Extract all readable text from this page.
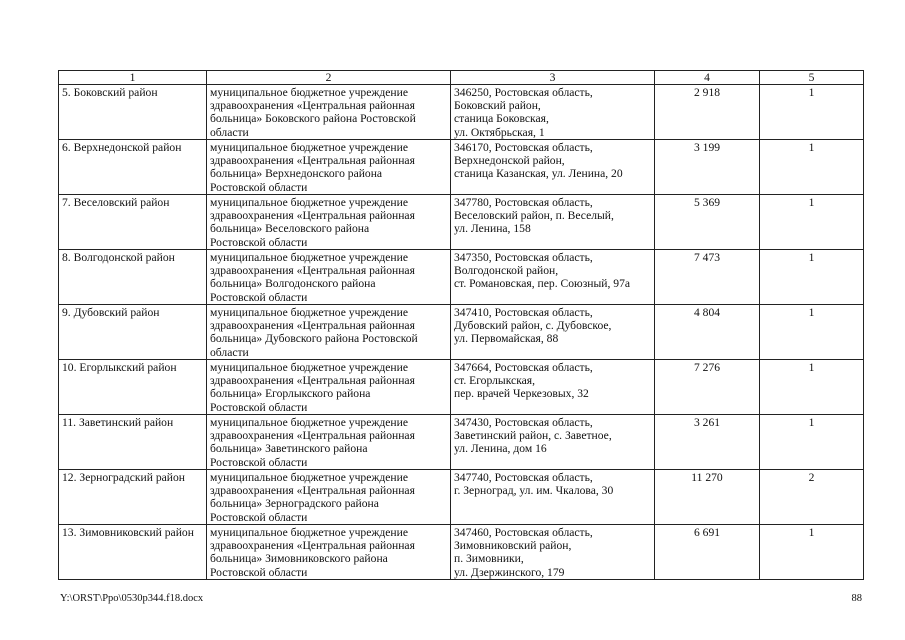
1	2	3	4	5

5. Боковский район	муниципальное бюджетное учреждение
здравоохранения «Центральная районная
больница» Боковского района Ростовской
области	346250, Ростовская область,
Боковский район,
станица Боковская,
ул. Октябрьская, 1	2 918	1

6. Верхнедонской район	муниципальное бюджетное учреждение
здравоохранения «Центральная районная
больница» Верхнедонского района
Ростовской области	346170, Ростовская область,
Верхнедонской район,
станица Казанская, ул. Ленина, 20	3 199	1

7. Веселовский район	муниципальное бюджетное учреждение
здравоохранения «Центральная районная
больница» Веселовского района
Ростовской области	347780, Ростовская область,
Веселовский район, п. Веселый,
ул. Ленина, 158	5 369	1

8. Волгодонской район	муниципальное бюджетное учреждение
здравоохранения «Центральная районная
больница» Волгодонского района
Ростовской области	347350, Ростовская область,
Волгодонской район,
ст. Романовская, пер. Союзный, 97а	7 473	1

9. Дубовский район	муниципальное бюджетное учреждение
здравоохранения «Центральная районная
больница» Дубовского района Ростовской
области	347410, Ростовская область,
Дубовский район, с. Дубовское,
ул. Первомайская, 88	4 804	1

10. Егорлыкский район	муниципальное бюджетное учреждение
здравоохранения «Центральная районная
больница» Егорлыкского района
Ростовской области	347664, Ростовская область,
ст. Егорлыкская,
пер. врачей Черкезовых, 32	7 276	1

11. Заветинский район	муниципальное бюджетное учреждение
здравоохранения «Центральная районная
больница» Заветинского района
Ростовской области	347430, Ростовская область,
Заветинский район, с. Заветное,
ул. Ленина, дом 16	3 261	1

12. Зерноградский район	муниципальное бюджетное учреждение
здравоохранения «Центральная районная
больница» Зерноградского района
Ростовской области	347740, Ростовская область,
г. Зерноград, ул. им. Чкалова, 30	11 270	2

13. Зимовниковский район	муниципальное бюджетное учреждение
здравоохранения «Центральная районная
больница» Зимовниковского района
Ростовской области	347460, Ростовская область,
Зимовниковский район,
п. Зимовники,
ул. Дзержинского, 179	6 691	1
Y:\ORST\Ppo\0530p344.f18.docx	88
